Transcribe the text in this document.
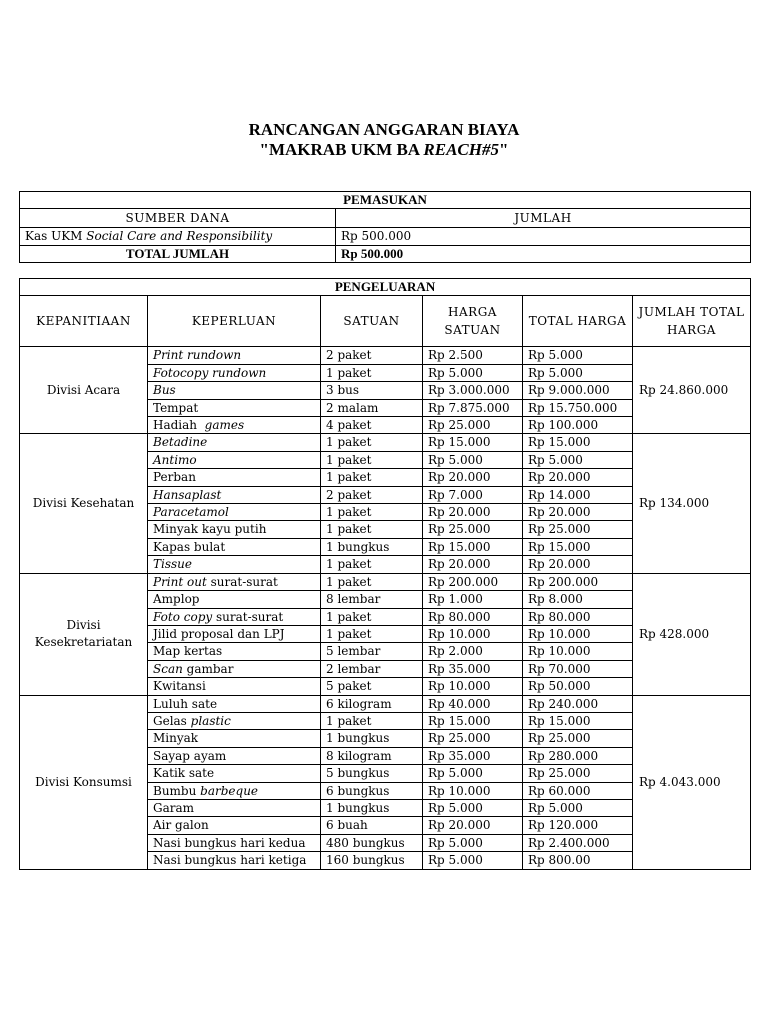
RANCANGAN ANGGARAN BIAYA
"MAKRAB UKM BA REACH#5"
PEMASUKAN	
SUMBER DANA	JUMLAH
Kas UKM Social Care and Responsibility	Rp 500.000
TOTAL JUMLAH	Rp 500.000
PENGELUARAN					
KEPANITIAAN	KEPERLUAN	SATUAN	HARGA SATUAN	TOTAL HARGA	JUMLAH TOTAL HARGA
Divisi Acara	Print rundown	2 paket	Rp 2.500	Rp 5.000	Rp 24.860.000
	Fotocopy rundown	1 paket	Rp 5.000	Rp 5.000	
	Bus	3 bus	Rp 3.000.000	Rp 9.000.000	
	Tempat	2 malam	Rp 7.875.000	Rp 15.750.000	
	Hadiah  games	4 paket	Rp 25.000	Rp 100.000	
Divisi Kesehatan	Betadine	1 paket	Rp 15.000	Rp 15.000	Rp 134.000
	Antimo	1 paket	Rp 5.000	Rp 5.000	
	Perban	1 paket	Rp 20.000	Rp 20.000	
	Hansaplast	2 paket	Rp 7.000	Rp 14.000	
	Paracetamol	1 paket	Rp 20.000	Rp 20.000	
	Minyak kayu putih	1 paket	Rp 25.000	Rp 25.000	
	Kapas bulat	1 bungkus	Rp 15.000	Rp 15.000	
	Tissue	1 paket	Rp 20.000	Rp 20.000	
Divisi Kesekretariatan	Print out surat-surat	1 paket	Rp 200.000	Rp 200.000	Rp 428.000
	Amplop	8 lembar	Rp 1.000	Rp 8.000	
	Foto copy surat-surat	1 paket	Rp 80.000	Rp 80.000	
	Jilid proposal dan LPJ	1 paket	Rp 10.000	Rp 10.000	
	Map kertas	5 lembar	Rp 2.000	Rp 10.000	
	Scan gambar	2 lembar	Rp 35.000	Rp 70.000	
	Kwitansi	5 paket	Rp 10.000	Rp 50.000	
Divisi Konsumsi	Luluh sate	6 kilogram	Rp 40.000	Rp 240.000	Rp 4.043.000
	Gelas plastic	1 paket	Rp 15.000	Rp 15.000	
	Minyak	1 bungkus	Rp 25.000	Rp 25.000	
	Sayap ayam	8 kilogram	Rp 35.000	Rp 280.000	
	Katik sate	5 bungkus	Rp 5.000	Rp 25.000	
	Bumbu barbeque	6 bungkus	Rp 10.000	Rp 60.000	
	Garam	1 bungkus	Rp 5.000	Rp 5.000	
	Air galon	6 buah	Rp 20.000	Rp 120.000	
	Nasi bungkus hari kedua	480 bungkus	Rp 5.000	Rp 2.400.000	
	Nasi bungkus hari ketiga	160 bungkus	Rp 5.000	Rp 800.00	
